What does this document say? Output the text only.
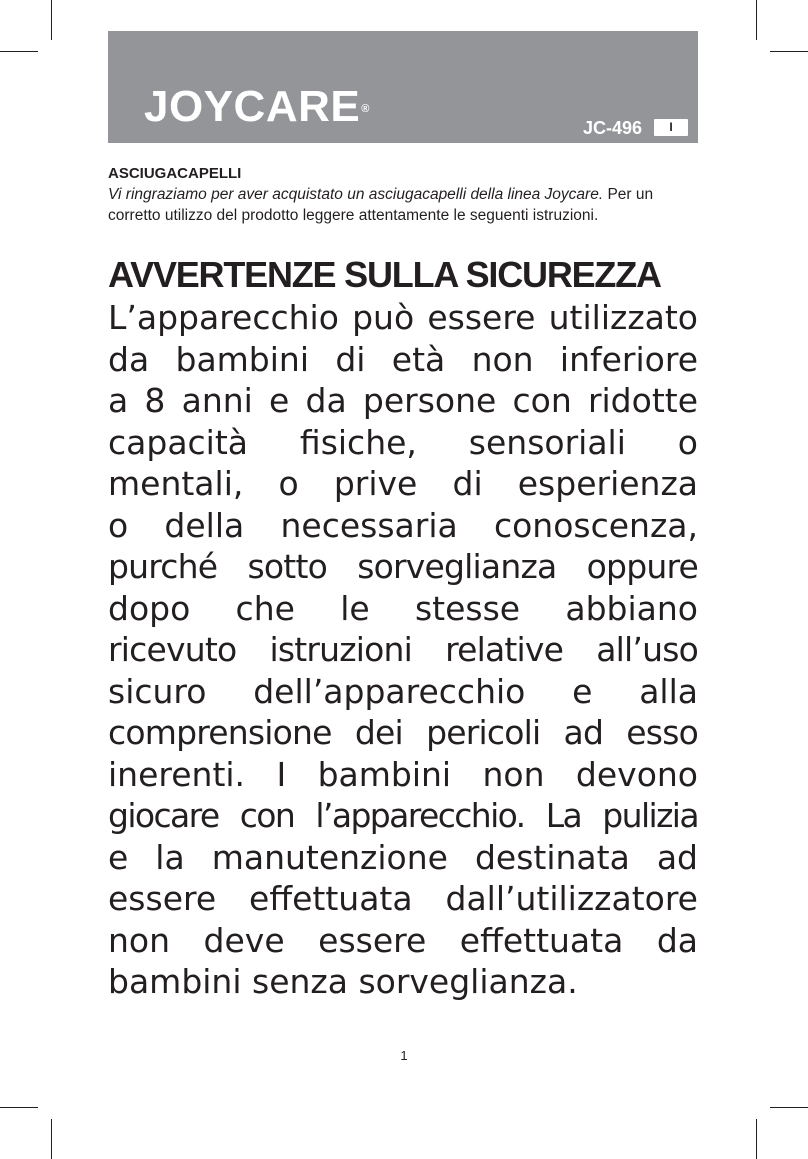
JOYCARE®
JC-496	I
ASCIUGACAPELLI
Vi ringraziamo per aver acquistato un asciugacapelli della linea Joycare. Per un corretto utilizzo del prodotto leggere attentamente le seguenti istruzioni.
AVVERTENZE SULLA SICUREZZA
L’apparecchio può essere utilizzato
da bambini di età non inferiore
a 8 anni e da persone con ridotte
capacità fisiche, sensoriali o
mentali, o prive di esperienza
o della necessaria conoscenza,
purché sotto sorveglianza oppure
dopo che le stesse abbiano
ricevuto istruzioni relative all’uso
sicuro dell’apparecchio e alla
comprensione dei pericoli ad esso
inerenti. I bambini non devono
giocare con l’apparecchio. La pulizia
e la manutenzione destinata ad
essere effettuata dall’utilizzatore
non deve essere effettuata da
bambini senza sorveglianza.
1
